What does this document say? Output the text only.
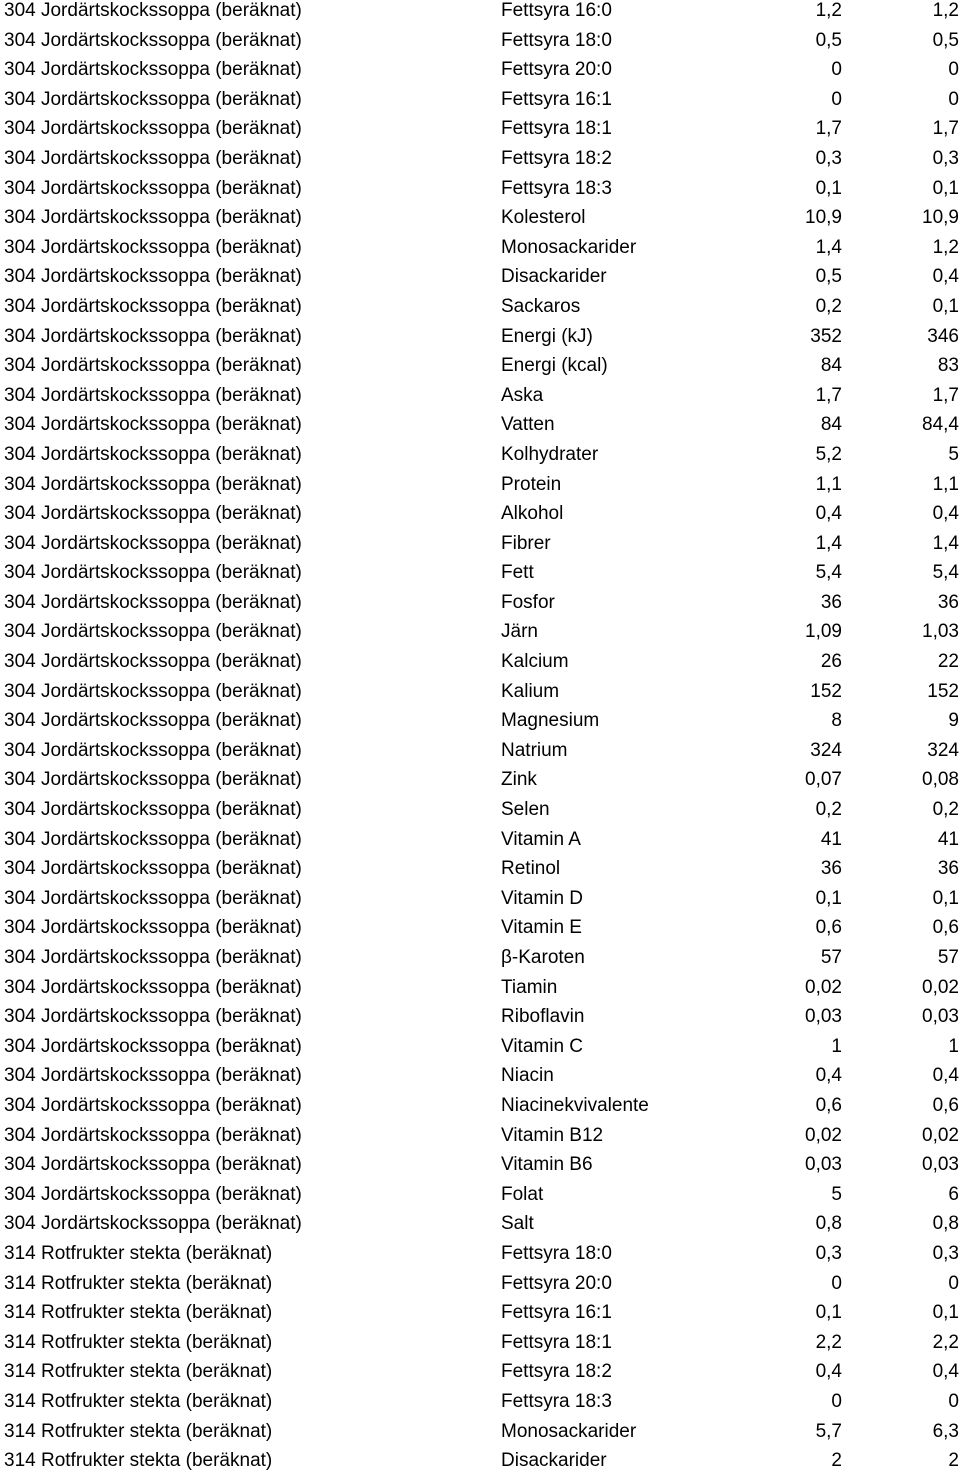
304 Jordärtskockssoppa (beräknat)	Fettsyra 16:0	1,2	1,2
304 Jordärtskockssoppa (beräknat)	Fettsyra 18:0	0,5	0,5
304 Jordärtskockssoppa (beräknat)	Fettsyra 20:0	0	0
304 Jordärtskockssoppa (beräknat)	Fettsyra 16:1	0	0
304 Jordärtskockssoppa (beräknat)	Fettsyra 18:1	1,7	1,7
304 Jordärtskockssoppa (beräknat)	Fettsyra 18:2	0,3	0,3
304 Jordärtskockssoppa (beräknat)	Fettsyra 18:3	0,1	0,1
304 Jordärtskockssoppa (beräknat)	Kolesterol	10,9	10,9
304 Jordärtskockssoppa (beräknat)	Monosackarider	1,4	1,2
304 Jordärtskockssoppa (beräknat)	Disackarider	0,5	0,4
304 Jordärtskockssoppa (beräknat)	Sackaros	0,2	0,1
304 Jordärtskockssoppa (beräknat)	Energi (kJ)	352	346
304 Jordärtskockssoppa (beräknat)	Energi (kcal)	84	83
304 Jordärtskockssoppa (beräknat)	Aska	1,7	1,7
304 Jordärtskockssoppa (beräknat)	Vatten	84	84,4
304 Jordärtskockssoppa (beräknat)	Kolhydrater	5,2	5
304 Jordärtskockssoppa (beräknat)	Protein	1,1	1,1
304 Jordärtskockssoppa (beräknat)	Alkohol	0,4	0,4
304 Jordärtskockssoppa (beräknat)	Fibrer	1,4	1,4
304 Jordärtskockssoppa (beräknat)	Fett	5,4	5,4
304 Jordärtskockssoppa (beräknat)	Fosfor	36	36
304 Jordärtskockssoppa (beräknat)	Järn	1,09	1,03
304 Jordärtskockssoppa (beräknat)	Kalcium	26	22
304 Jordärtskockssoppa (beräknat)	Kalium	152	152
304 Jordärtskockssoppa (beräknat)	Magnesium	8	9
304 Jordärtskockssoppa (beräknat)	Natrium	324	324
304 Jordärtskockssoppa (beräknat)	Zink	0,07	0,08
304 Jordärtskockssoppa (beräknat)	Selen	0,2	0,2
304 Jordärtskockssoppa (beräknat)	Vitamin A	41	41
304 Jordärtskockssoppa (beräknat)	Retinol	36	36
304 Jordärtskockssoppa (beräknat)	Vitamin D	0,1	0,1
304 Jordärtskockssoppa (beräknat)	Vitamin E	0,6	0,6
304 Jordärtskockssoppa (beräknat)	β-Karoten	57	57
304 Jordärtskockssoppa (beräknat)	Tiamin	0,02	0,02
304 Jordärtskockssoppa (beräknat)	Riboflavin	0,03	0,03
304 Jordärtskockssoppa (beräknat)	Vitamin C	1	1
304 Jordärtskockssoppa (beräknat)	Niacin	0,4	0,4
304 Jordärtskockssoppa (beräknat)	Niacinekvivalente	0,6	0,6
304 Jordärtskockssoppa (beräknat)	Vitamin B12	0,02	0,02
304 Jordärtskockssoppa (beräknat)	Vitamin B6	0,03	0,03
304 Jordärtskockssoppa (beräknat)	Folat	5	6
304 Jordärtskockssoppa (beräknat)	Salt	0,8	0,8
314 Rotfrukter stekta (beräknat)	Fettsyra 18:0	0,3	0,3
314 Rotfrukter stekta (beräknat)	Fettsyra 20:0	0	0
314 Rotfrukter stekta (beräknat)	Fettsyra 16:1	0,1	0,1
314 Rotfrukter stekta (beräknat)	Fettsyra 18:1	2,2	2,2
314 Rotfrukter stekta (beräknat)	Fettsyra 18:2	0,4	0,4
314 Rotfrukter stekta (beräknat)	Fettsyra 18:3	0	0
314 Rotfrukter stekta (beräknat)	Monosackarider	5,7	6,3
314 Rotfrukter stekta (beräknat)	Disackarider	2	2
